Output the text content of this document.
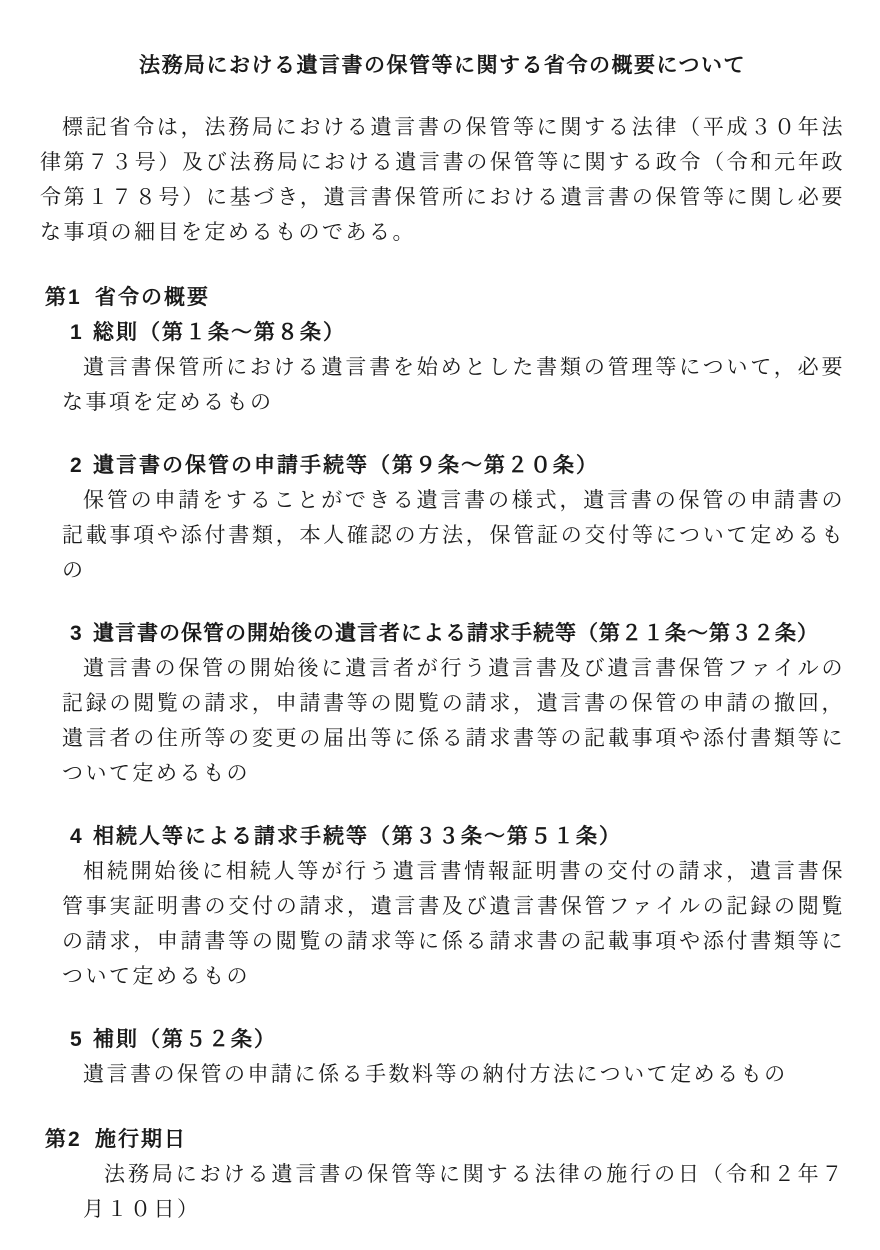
法務局における遺言書の保管等に関する省令の概要について

標記省令は，法務局における遺言書の保管等に関する法律（平成３０年法律第７３号）及び法務局における遺言書の保管等に関する政令（令和元年政令第１７８号）に基づき，遺言書保管所における遺言書の保管等に関し必要な事項の細目を定めるものである。

第1 省令の概要
1 総則（第１条～第８条）

遺言書保管所における遺言書を始めとした書類の管理等について，必要な事項を定めるもの

2 遺言書の保管の申請手続等（第９条～第２０条）

保管の申請をすることができる遺言書の様式，遺言書の保管の申請書の記載事項や添付書類，本人確認の方法，保管証の交付等について定めるもの

3 遺言書の保管の開始後の遺言者による請求手続等（第２１条～第３２条）

遺言書の保管の開始後に遺言者が行う遺言書及び遺言書保管ファイルの記録の閲覧の請求，申請書等の閲覧の請求，遺言書の保管の申請の撤回，遺言者の住所等の変更の届出等に係る請求書等の記載事項や添付書類等について定めるもの

4 相続人等による請求手続等（第３３条～第５１条）

相続開始後に相続人等が行う遺言書情報証明書の交付の請求，遺言書保管事実証明書の交付の請求，遺言書及び遺言書保管ファイルの記録の閲覧の請求，申請書等の閲覧の請求等に係る請求書の記載事項や添付書類等について定めるもの

5 補則（第５２条）

遺言書の保管の申請に係る手数料等の納付方法について定めるもの

第2 施行期日

法務局における遺言書の保管等に関する法律の施行の日（令和２年７月１０日）
